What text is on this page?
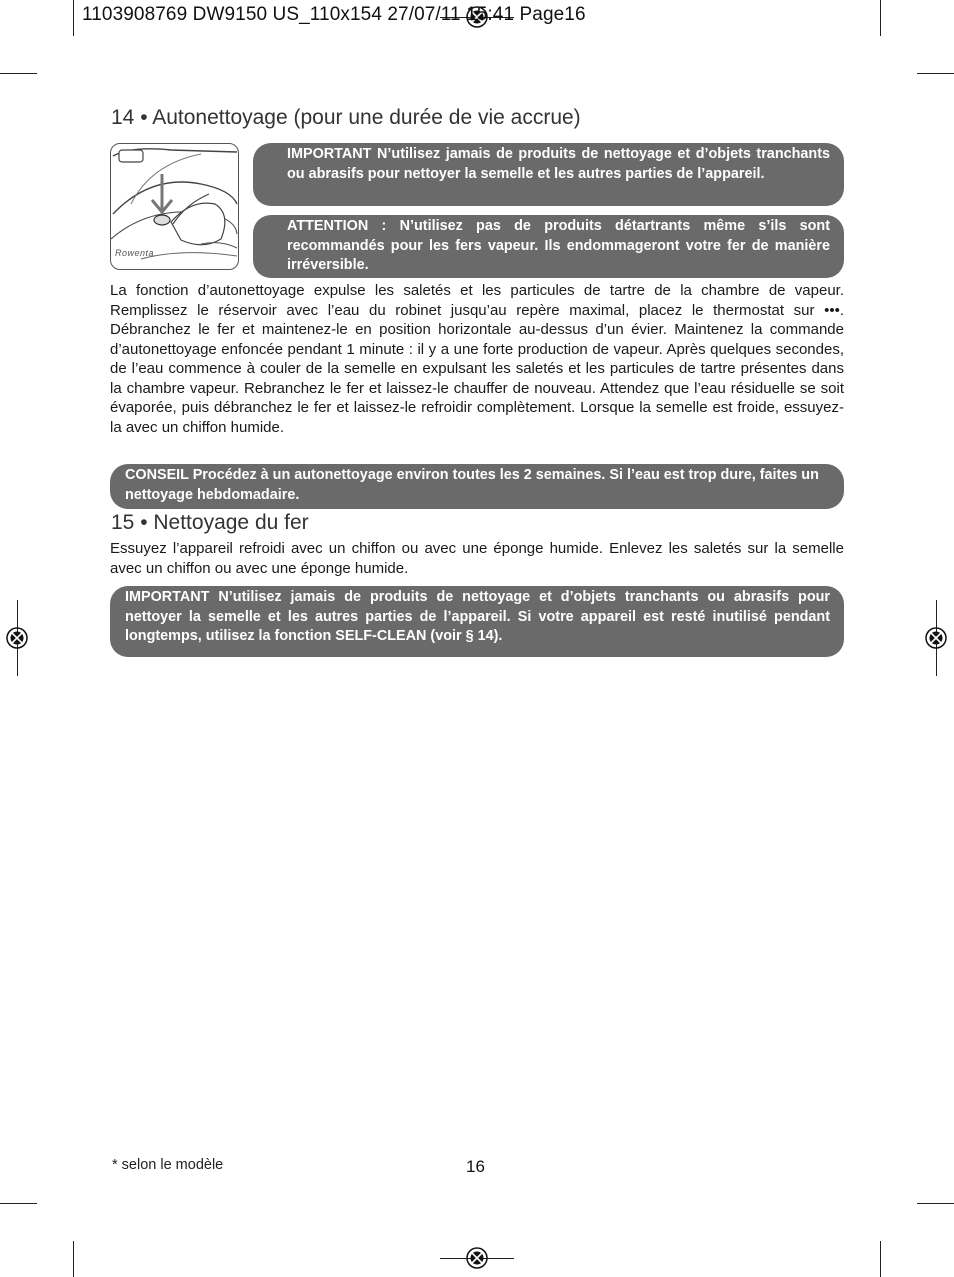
1103908769 DW9150 US_110x154 27/07/11 15:41 Page16
14 • Autonettoyage (pour une durée de vie accrue)
Rowenta

IMPORTANT N’utilisez jamais de produits de nettoyage et d’objets tranchants ou abrasifs pour nettoyer la semelle et les autres parties de l’appareil.

ATTENTION : N’utilisez pas de produits détartrants même s’ils sont recommandés pour les fers vapeur. Ils endommageront votre fer de manière irréversible.

La fonction d’autonettoyage expulse les saletés et les particules de tartre de la chambre de vapeur. Remplissez le réservoir avec l’eau du robinet jusqu’au repère maximal, placez le thermostat sur •••. Débranchez le fer et maintenez-le en position horizontale au-dessus d’un évier. Maintenez la commande d’autonettoyage enfoncée pendant 1 minute : il y a une forte production de vapeur. Après quelques secondes, de l’eau commence à couler de la semelle en expulsant les saletés et les particules de tartre présentes dans la chambre vapeur. Rebranchez le fer et laissez-le chauffer de nouveau. Attendez que l’eau résiduelle se soit évaporée, puis débranchez le fer et laissez-le refroidir complètement. Lorsque la semelle est froide, essuyez-la avec un chiffon humide.

CONSEIL Procédez à un autonettoyage environ toutes les 2 semaines. Si l’eau est trop dure, faites un nettoyage hebdomadaire.

15 • Nettoyage du fer

Essuyez l’appareil refroidi avec un chiffon ou avec une éponge humide. Enlevez les saletés sur la semelle avec un chiffon ou avec une éponge humide.

IMPORTANT N’utilisez jamais de produits de nettoyage et d’objets tranchants ou abrasifs pour nettoyer la semelle et les autres parties de l’appareil. Si votre appareil est resté inutilisé pendant longtemps, utilisez la fonction SELF-CLEAN (voir § 14).

* selon le modèle	16
